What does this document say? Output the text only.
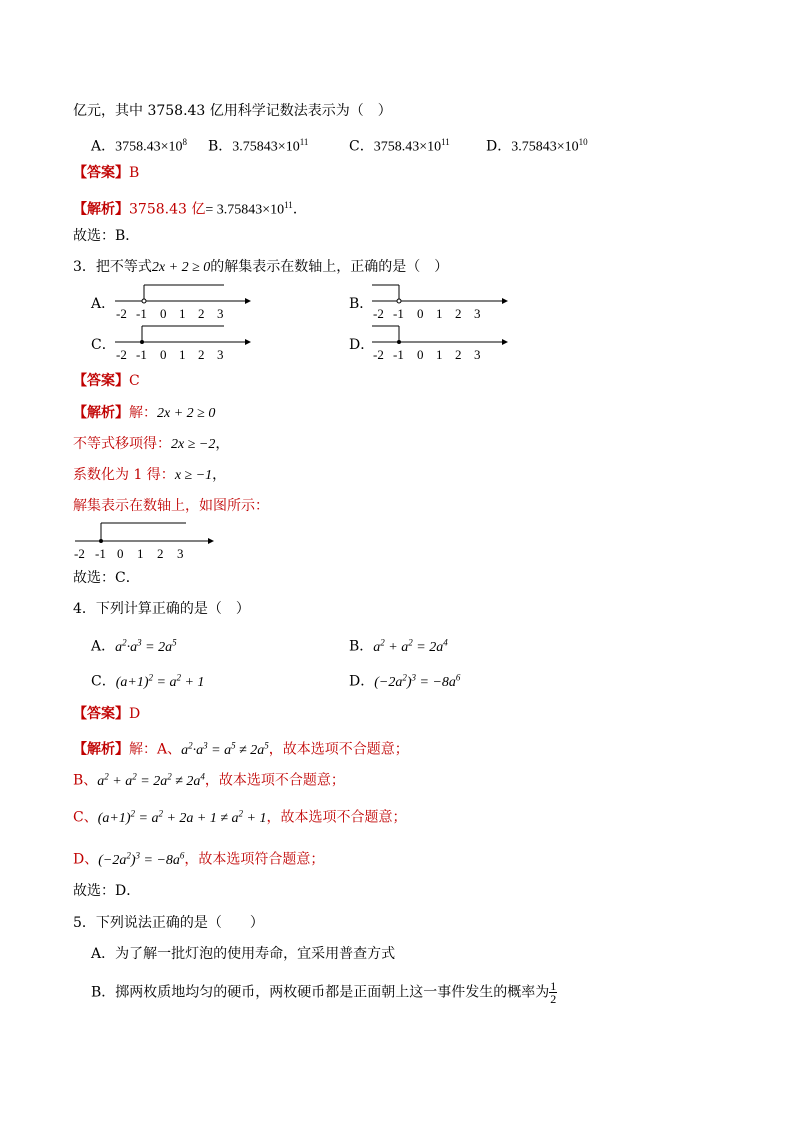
亿元，其中 3758.43 亿用科学记数法表示为（　）
A．$3758.43\times 10^8$ B．$3.75843\times 10^{11}$	C．$3758.43\times 10^{11}$	D．$3.75843\times 10^{10}$
【答案】B
【解析】3758.43 亿= $3.75843\times 10^{11}$．
故选：B．
3．把不等式2x + 2 ≥ 0的解集表示在数轴上，正确的是（　）
A．
-2 -1 0 1 2 3
B．
-2 -1 0 1 2 3
C．
-2 -1 0 1 2 3
D．
-2 -1 0 1 2 3
【答案】C
【解析】解：2x + 2 ≥ 0
不等式移项得：2x ≥ −2，
系数化为 1 得：x ≥ −1，
解集表示在数轴上，如图所示：
-2 -1 0 1 2 3
故选：C．
4．下列计算正确的是（　）
A．$a^2\cdot a^3 = 2a^5$	B．$a^2 + a^2 = 2a^4$
C．$(a+1)^2 = a^2 + 1$	D．$(-2a^2)^3 = -8a^6$
【答案】D
【解析】解：A、$a^2\cdot a^3 = a^5 \ne 2a^5$，故本选项不合题意；
B、$a^2 + a^2 = 2a^2 \ne 2a^4$，故本选项不合题意；
C、$(a+1)^2 = a^2 + 2a + 1 \ne a^2 + 1$，故本选项不合题意；
D、$(-2a^2)^3 = -8a^6$，故本选项符合题意；
故选：D．
5．下列说法正确的是（　　）
A．为了解一批灯泡的使用寿命，宜采用普查方式
B．掷两枚质地均匀的硬币，两枚硬币都是正面朝上这一事件发生的概率为 $\frac{1}{2}$
